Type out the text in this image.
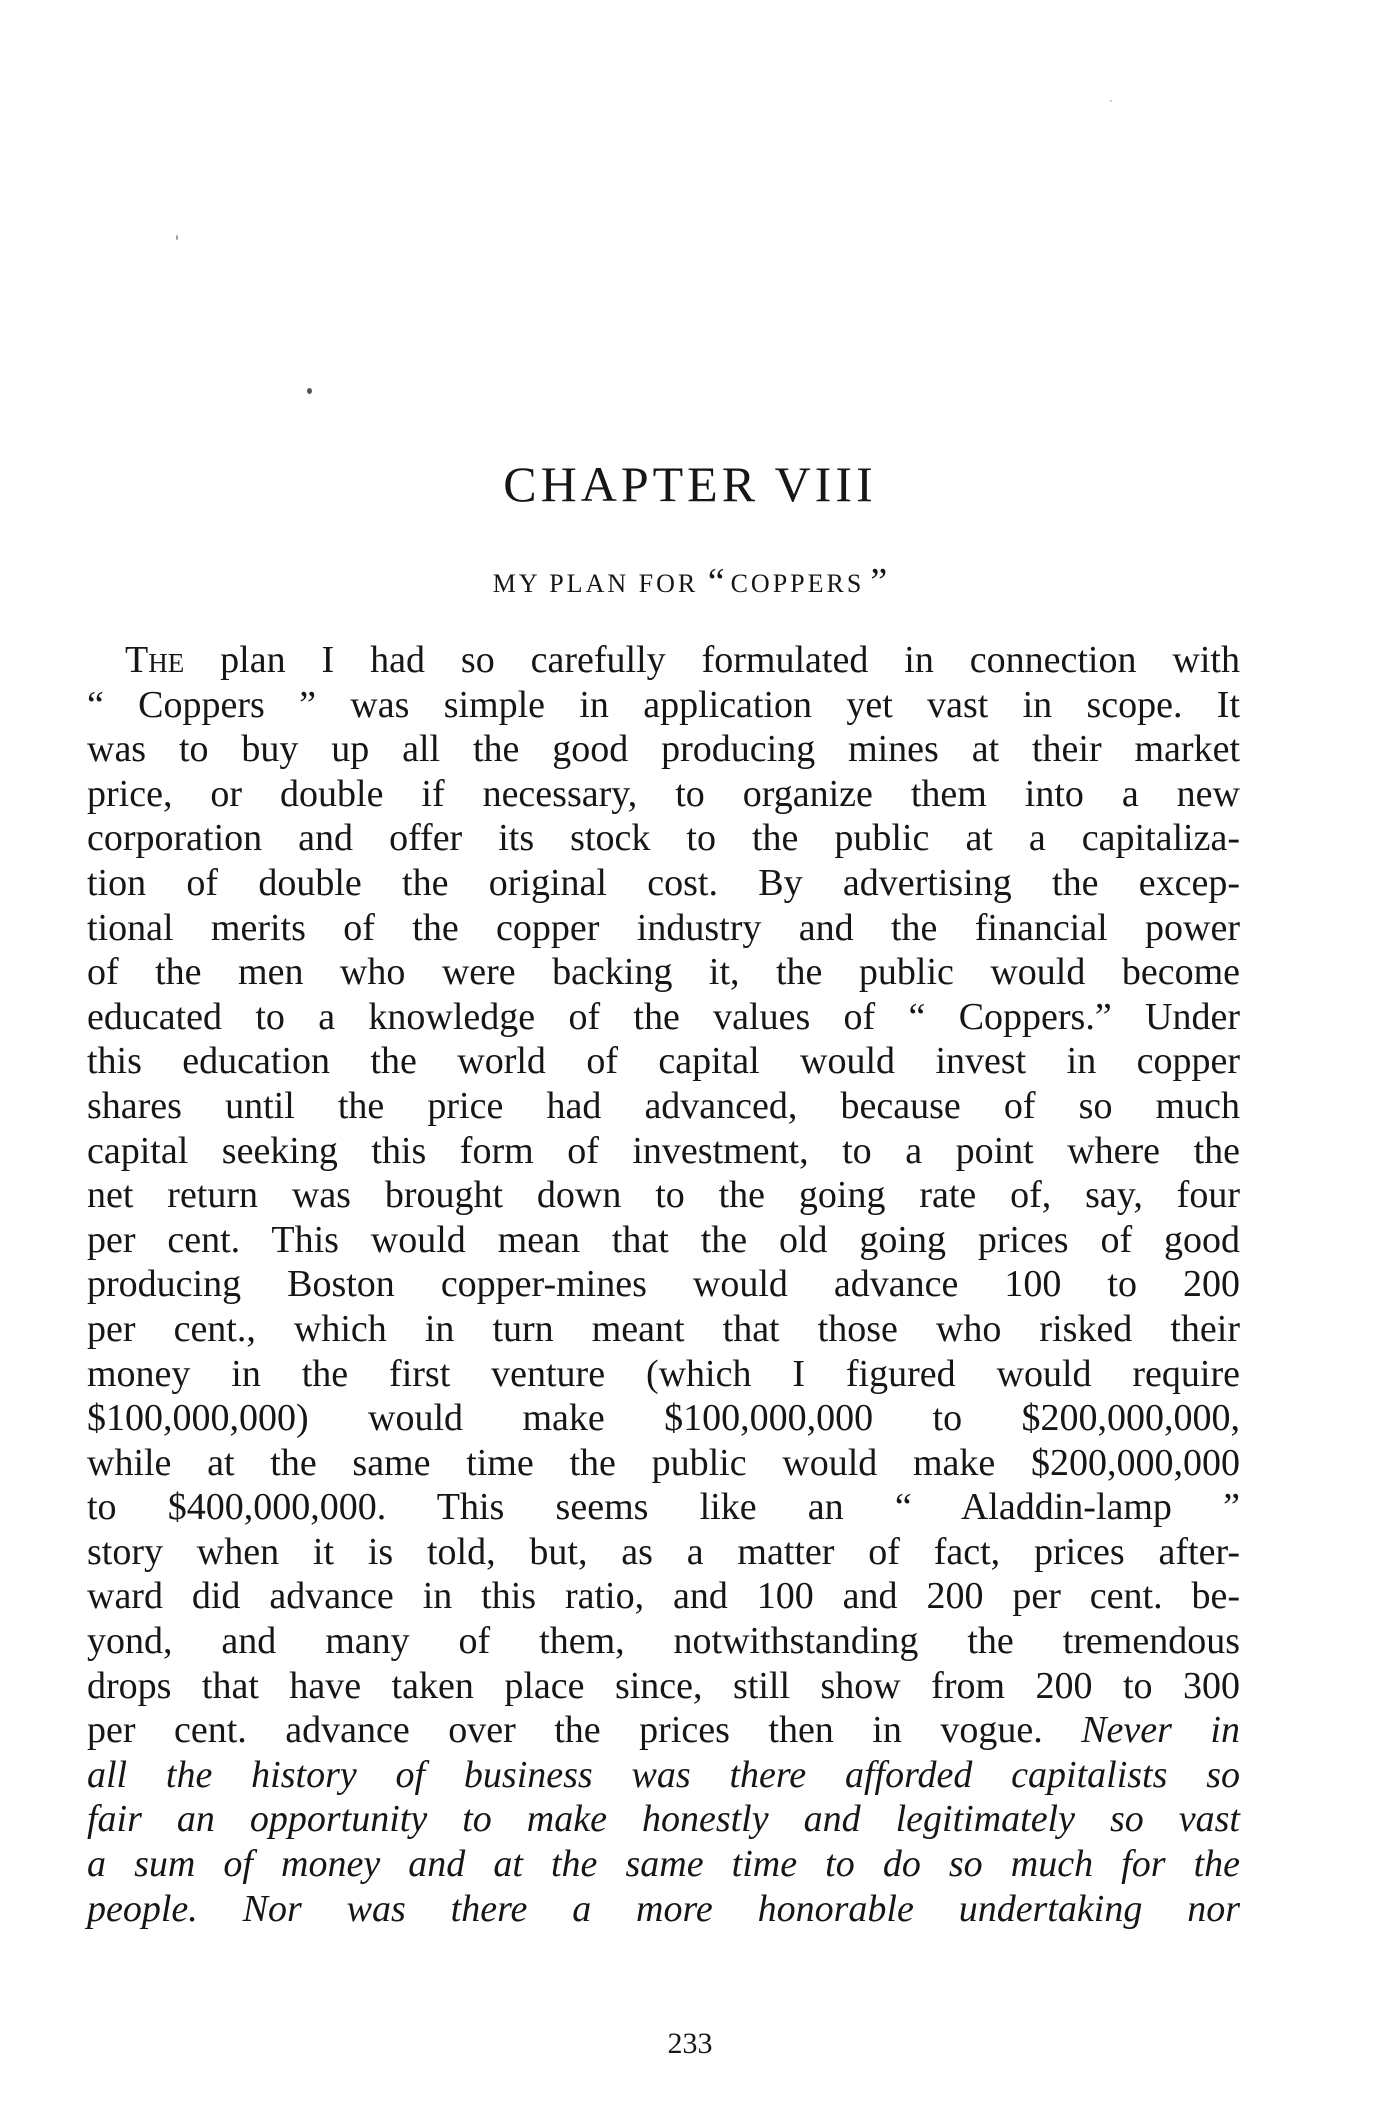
CHAPTER VIII
MY PLAN FOR “ COPPERS ”
The plan I had so carefully formulated in connection with
“ Coppers ” was simple in application yet vast in scope. It
was to buy up all the good producing mines at their market
price, or double if necessary, to organize them into a new
corporation and offer its stock to the public at a capitaliza-
tion of double the original cost. By advertising the excep-
tional merits of the copper industry and the financial power
of the men who were backing it, the public would become
educated to a knowledge of the values of “ Coppers.” Under
this education the world of capital would invest in copper
shares until the price had advanced, because of so much
capital seeking this form of investment, to a point where the
net return was brought down to the going rate of, say, four
per cent. This would mean that the old going prices of good
producing Boston copper-mines would advance 100 to 200
per cent., which in turn meant that those who risked their
money in the first venture (which I figured would require
$100,000,000) would make $100,000,000 to $200,000,000,
while at the same time the public would make $200,000,000
to $400,000,000. This seems like an “ Aladdin-lamp ”
story when it is told, but, as a matter of fact, prices after-
ward did advance in this ratio, and 100 and 200 per cent. be-
yond, and many of them, notwithstanding the tremendous
drops that have taken place since, still show from 200 to 300
per cent. advance over the prices then in vogue. Never in
all the history of business was there afforded capitalists so
fair an opportunity to make honestly and legitimately so vast
a sum of money and at the same time to do so much for the
people. Nor was there a more honorable undertaking nor
233
